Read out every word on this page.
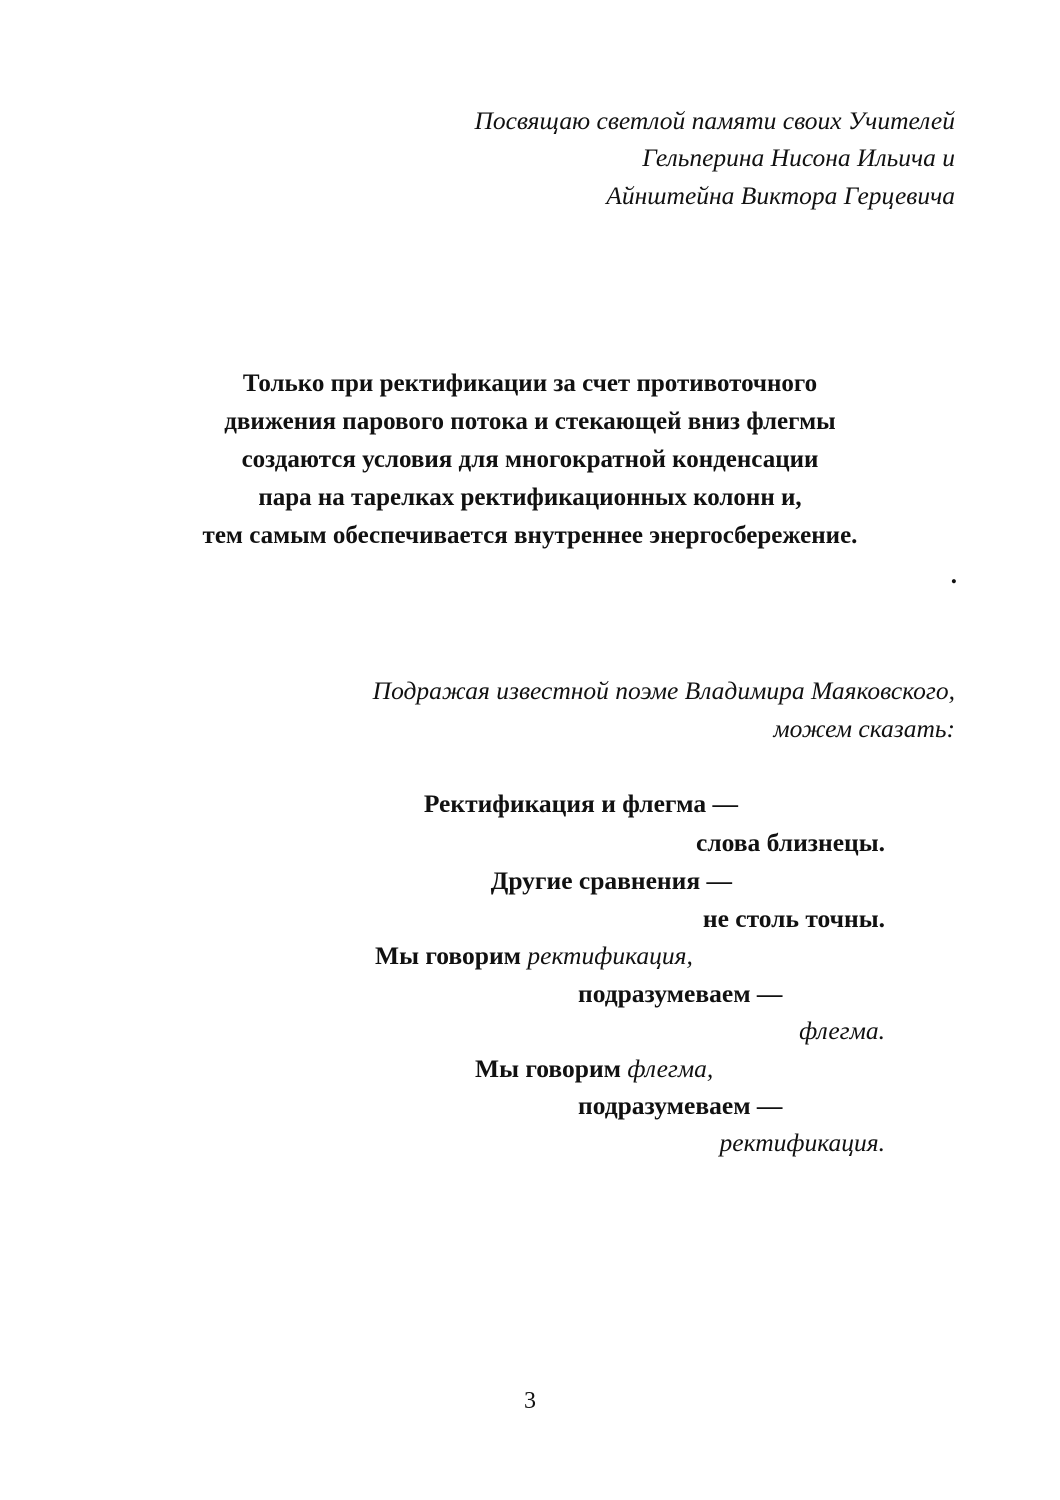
Посвящаю светлой памяти своих Учителей
Гельперина Нисона Ильича и
Айнштейна Виктора Герцевича
Только при ректификации за счет противоточного
движения парового потока и стекающей вниз флегмы
создаются условия для многократной конденсации
пара на тарелках ректификационных колонн и,
тем самым обеспечивается внутреннее энергосбережение.
.
Подражая известной поэме Владимира Маяковского,
можем сказать:
Ректификация и флегма —
слова близнецы.
Другие сравнения —
не столь точны.
Мы говорим ректификация,
подразумеваем —
флегма.
Мы говорим флегма,
подразумеваем —
ректификация.
3
